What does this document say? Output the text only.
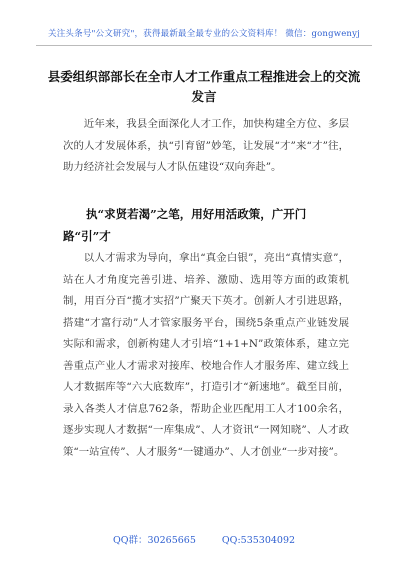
关注头条号"公文研究"，获得最新最全最专业的公文资料库！ 微信：gongwenyj
县委组织部部长在全市人才工作重点工程推进会上的交流
发言

近年来，我县全面深化人才工作，加快构建全方位、多层次的人才发展体系，执“引育留”妙笔，让发展“才”来“才”往，助力经济社会发展与人才队伍建设“双向奔赴”。

执“求贤若渴”之笔，用好用活政策，广开门路“引”才

以人才需求为导向，拿出“真金白银”，亮出“真情实意”，站在人才角度完善引进、培养、激励、选用等方面的政策机制，用百分百“揽才实招”广聚天下英才。创新人才引进思路，搭建“才富行动”人才管家服务平台，围绕5条重点产业链发展实际和需求，创新构建人才引培“1+1+N”政策体系，建立完善重点产业人才需求对接库、校地合作人才服务库、建立线上人才数据库等“六大底数库”，打造引才“新速地”。截至目前，录入各类人才信息762条，帮助企业匹配用工人才100余名，逐步实现人才数据“一库集成”、人才资讯“一网知晓”、人才政策“一站宣传”、人才服务“一键通办”、人才创业“一步对接”。

QQ群：30265665	QQ:535304092
